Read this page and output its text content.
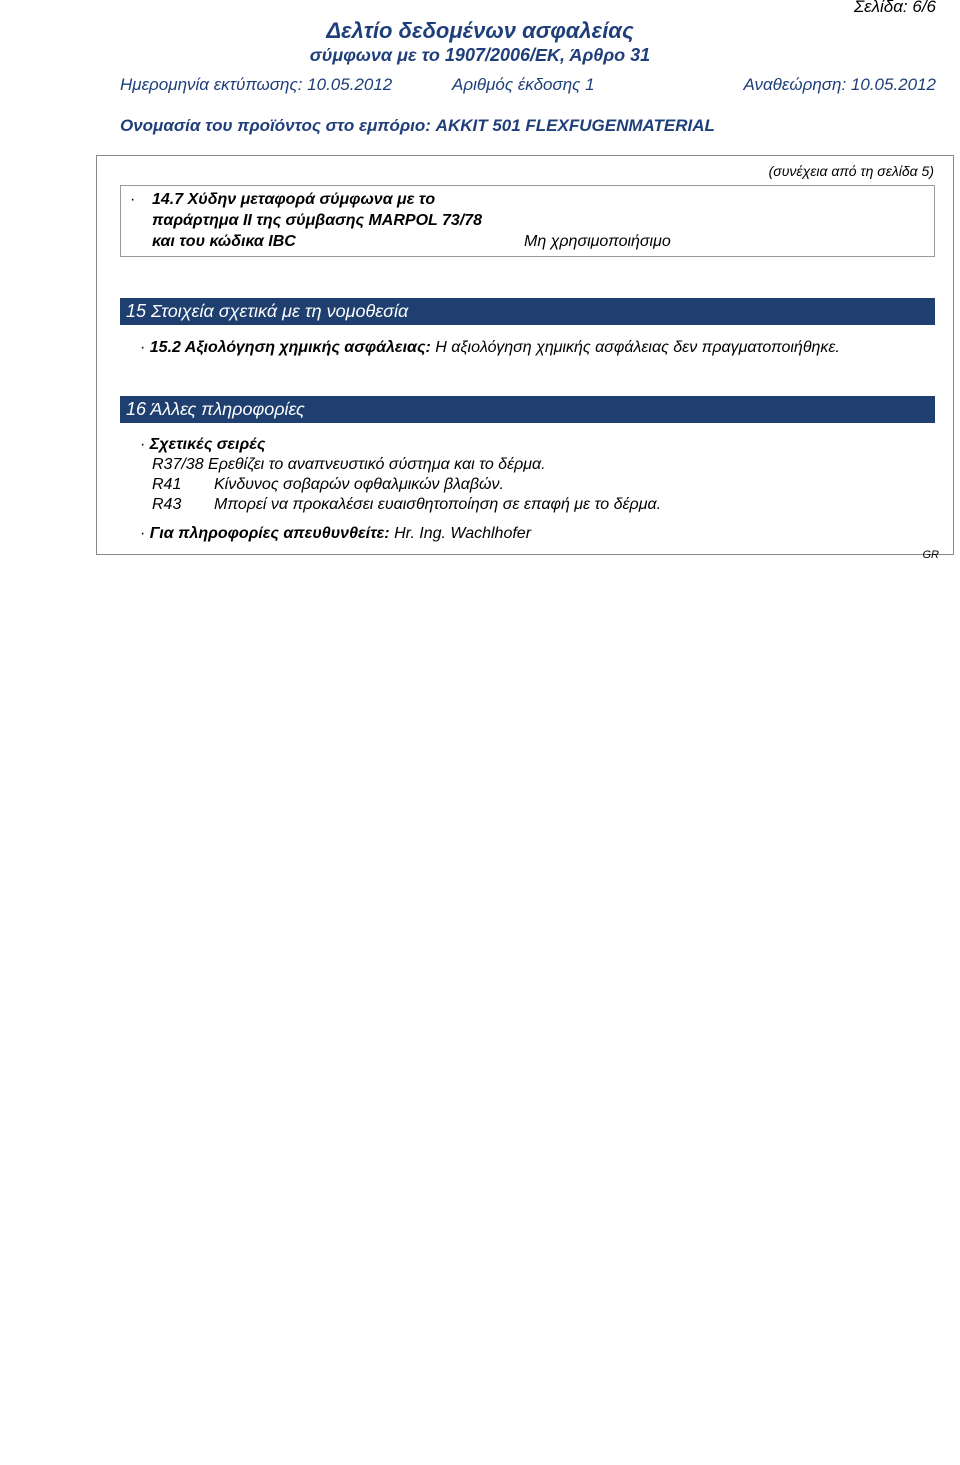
Σελίδα: 6/6
Δελτίο δεδομένων ασφαλείας
σύμφωνα με το 1907/2006/ΕΚ, Άρθρο 31
Ημερομηνία εκτύπωσης: 10.05.2012	Αριθμός έκδοσης 1	Αναθεώρηση: 10.05.2012
Ονομασία του προϊόντος στο εμπόριο: AKKIT 501 FLEXFUGENMATERIAL
(συνέχεια από τη σελίδα 5)
· 14.7 Χύδην μεταφορά σύμφωνα με το
παράρτημα II της σύμβασης MARPOL 73/78
και του κώδικα IBC	Μη χρησιμοποιήσιμο
15 Στοιχεία σχετικά με τη νομοθεσία
· 15.2 Αξιολόγηση χημικής ασφάλειας: Η αξιολόγηση χημικής ασφάλειας δεν πραγματοποιήθηκε.
16 Άλλες πληροφορίες
· Σχετικές σειρές
R37/38 Ερεθίζει το αναπνευστικό σύστημα και το δέρμα.
R41 Κίνδυνος σοβαρών οφθαλμικών βλαβών.
R43 Μπορεί να προκαλέσει ευαισθητοποίηση σε επαφή με το δέρμα.
· Για πληροφορίες απευθυνθείτε: Hr. Ing. Wachlhofer
GR
